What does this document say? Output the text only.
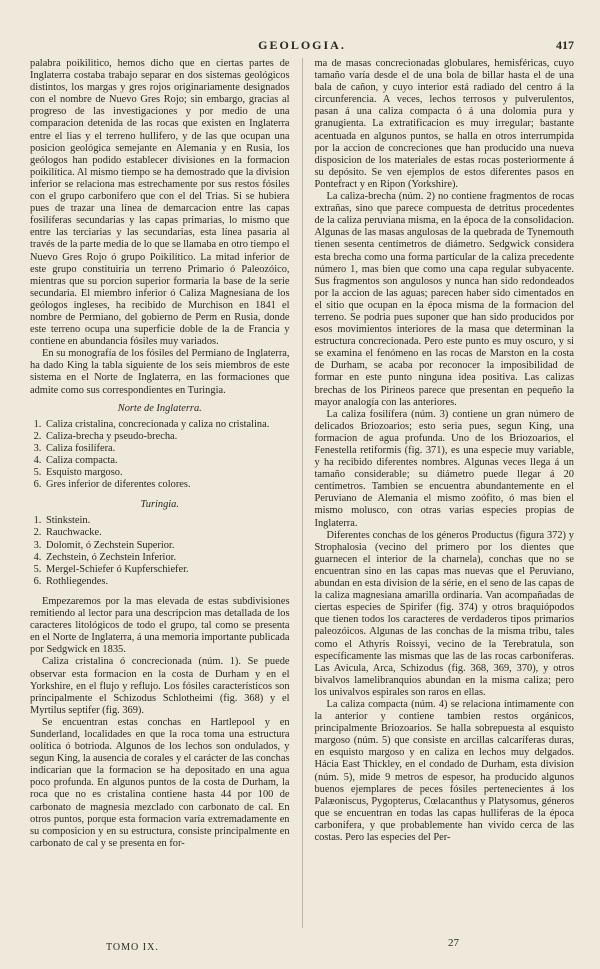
GEOLOGIA.	417

palabra poikilitico, hemos dicho que en ciertas partes de Inglaterra costaba trabajo separar en dos sistemas geológicos distintos, los margas y gres rojos originariamente designados con el nombre de Nuevo Gres Rojo; sin embargo, gracias al progreso de las investigaciones y por medio de una comparacion detenida de las rocas que existen en Inglaterra entre el lias y el terreno hullifero, y de las que ocupan una posicion geológica semejante en Alemania y en Rusia, los geólogos han podido establecer divisiones en la formacion poikilítica. Al mismo tiempo se ha demostrado que la division inferior se relaciona mas estrechamente por sus restos fósiles con el grupo carbonifero que con el del Trias. Si se hubiera pues de trazar una línea de demarcacion entre las capas fosilíferas secundarias y las capas primarias, lo mismo que entre las terciarias y las secundarias, esta línea pasaria al través de la parte media de lo que se llamaba en otro tiempo el Nuevo Gres Rojo ó grupo Poikilítico. La mitad inferior de este grupo constituiria un terreno Primario ó Paleozóico, mientras que su porcion superior formaria la base de la serie secundaria. El miembro inferior ó Caliza Magnesiana de los geólogos ingleses, ha recibido de Murchison en 1841 el nombre de Permiano, del gobierno de Perm en Rusia, donde este terreno ocupa una superficie doble de la de Francia y contiene en abundancia fósiles muy variados.

En su monografía de los fósiles del Permiano de Inglaterra, ha dado King la tabla siguiente de los seis miembros de este sistema en el Norte de Inglaterra, en las formaciones que admite como sus correspondientes en Turingia.

Norte de Inglaterra.

1. Caliza cristalina, concrecionada y caliza no cristalina.
2. Caliza-brecha y pseudo-brecha.
3. Caliza fosilífera.
4. Caliza compacta.
5. Esquisto margoso.
6. Gres inferior de diferentes colores.

Turingia.

1. Stinkstein.
2. Rauchwacke.
3. Dolomit, ó Zechstein Superior.
4. Zechstein, ó Zechstein Inferior.
5. Mergel-Schiefer ó Kupferschiefer.
6. Rothliegendes.

Empezaremos por la mas elevada de estas subdivisiones remitiendo al lector para una descripcion mas detallada de los caracteres litológicos de todo el grupo, tal como se presenta en el Norte de Inglaterra, á una memoria importante publicada por Sedgwick en 1835.

Caliza cristalina ó concrecionada (núm. 1). Se puede observar esta formacion en la costa de Durham y en el Yorkshire, en el flujo y reflujo. Los fósiles característicos son principalmente el Schizodus Schlotheimi (fig. 368) y el Myrtilus septifer (fig. 369).

Se encuentran estas conchas en Hartlepool y en Sunderland, localidades en que la roca toma una estructura oolítica ó botrioda. Algunos de los lechos son ondulados, y segun King, la ausencia de corales y el carácter de las conchas indicarian que la formacion se ha depositado en una agua poco profunda. En algunos puntos de la costa de Durham, la roca que no es cristalina contiene hasta 44 por 100 de carbonato de magnesia mezclado con carbonato de cal. En otros puntos, porque esta formacion varía extremadamente en su composicion y en su estructura, consiste principalmente en carbonato de cal y se presenta en for-

ma de masas concrecionadas globulares, hemisféricas, cuyo tamaño varía desde el de una bola de billar hasta el de una bala de cañon, y cuyo interior está radiado del centro á la circunferencia. A veces, lechos terrosos y pulverulentos, pasan á una caliza compacta ó á una dolomia pura y granugienta. La extratificacion es muy irregular; bastante acentuada en algunos puntos, se halla en otros interrumpida por la accion de concreciones que han producido una nueva disposicion de los materiales de estas rocas posteriormente á su depósito. Se ven ejemplos de estos diferentes pasos en Pontefract y en Ripon (Yorkshire).

La caliza-brecha (núm. 2) no contiene fragmentos de rocas extrañas, sino que parece compuesta de detritus procedentes de la caliza peruviana misma, en la época de la consolidacion. Algunas de las masas angulosas de la quebrada de Tynemouth tienen sesenta centímetros de diámetro. Sedgwick considera esta brecha como una forma particular de la caliza precedente número 1, mas bien que como una capa regular subyacente. Sus fragmentos son angulosos y nunca han sido redondeados por la accion de las aguas; parecen haber sido cimentados en el sitio que ocupan en la época misma de la formacion del terreno. Se podria pues suponer que han sido producidos por esos movimientos interiores de la masa que determinan la estructura concrecionada. Pero este punto es muy oscuro, y si se examina el fenómeno en las rocas de Marston en la costa de Durham, se acaba por reconocer la imposibilidad de formar en este punto ninguna idea positiva. Las calizas brechas de los Pirineos parece que presentan en pequeño la mayor analogía con las anteriores.

La caliza fosilífera (núm. 3) contiene un gran número de delicados Briozoarios; esto seria pues, segun King, una formacion de agua profunda. Uno de los Briozoarios, el Fenestella retiformis (fig. 371), es una especie muy variable, y ha recibido diferentes nombres. Algunas veces llega á un tamaño considerable; su diámetro puede llegar á 20 centímetros. Tambien se encuentra abundantemente en el Peruviano de Alemania el mismo zoófito, ó mas bien el mismo molusco, con otras varias especies propias de Inglaterra.

Diferentes conchas de los géneros Productus (figura 372) y Strophalosia (vecino del primero por los dientes que guarnecen el interior de la charnela), conchas que no se encuentran sino en las capas mas nuevas que el Peruviano, abundan en esta division de la série, en el seno de las capas de la caliza magnesiana amarilla ordinaria. Van acompañadas de ciertas especies de Spirifer (fig. 374) y otros braquiópodos que tienen todos los caracteres de verdaderos tipos primarios paleozóicos. Algunas de las conchas de la misma tribu, tales como el Athyris Roissyi, vecino de la Terebratula, son específicamente las mismas que las de las rocas carboníferas. Las Avicula, Arca, Schizodus (fig. 368, 369, 370), y otros bivalvos lamelibranquios abundan en la misma caliza; pero los univalvos espirales son raros en ellas.

La caliza compacta (núm. 4) se relaciona íntimamente con la anterior y contiene tambien restos orgánicos, principalmente Briozoarios. Se halla sobrepuesta al esquisto margoso (núm. 5) que consiste en arcillas calcaríferas duras, en esquisto margoso y en caliza en lechos muy delgados. Hácia East Thickley, en el condado de Durham, esta division (núm. 5), mide 9 metros de espesor, ha producido algunos buenos ejemplares de peces fósiles pertenecientes á los Palæoniscus, Pygopterus, Cœlacanthus y Platysomus, géneros que se encuentran en todas las capas hulliferas de la época carbonífera, y que probablemente han vivido cerca de las costas. Pero las especies del Per-

TOMO IX.	27
